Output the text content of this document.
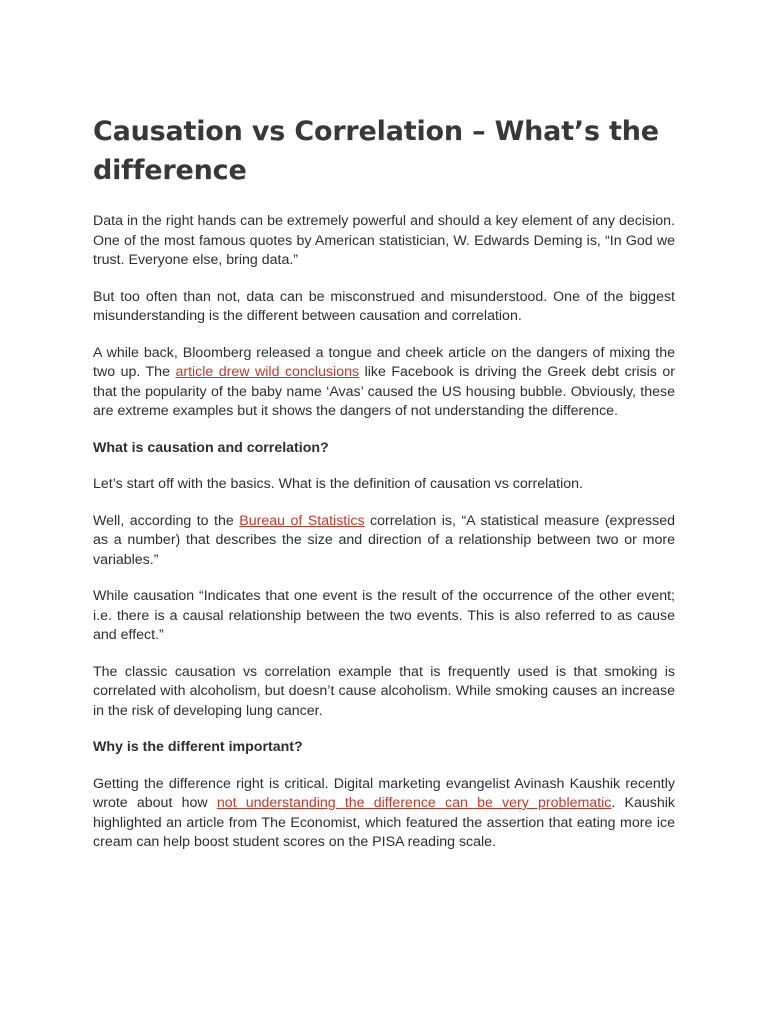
Causation vs Correlation – What’s the difference

Data in the right hands can be extremely powerful and should a key element of any decision. One of the most famous quotes by American statistician, W. Edwards Deming is, “In God we trust. Everyone else, bring data.”

But too often than not, data can be misconstrued and misunderstood. One of the biggest misunderstanding is the different between causation and correlation.

A while back, Bloomberg released a tongue and cheek article on the dangers of mixing the two up. The article drew wild conclusions like Facebook is driving the Greek debt crisis or that the popularity of the baby name ‘Avas’ caused the US housing bubble. Obviously, these are extreme examples but it shows the dangers of not understanding the difference.

What is causation and correlation?

Let’s start off with the basics. What is the definition of causation vs correlation.

Well, according to the Bureau of Statistics correlation is, “A statistical measure (expressed as a number) that describes the size and direction of a relationship between two or more variables.”

While causation “Indicates that one event is the result of the occurrence of the other event; i.e. there is a causal relationship between the two events. This is also referred to as cause and effect.”

The classic causation vs correlation example that is frequently used is that smoking is correlated with alcoholism, but doesn’t cause alcoholism. While smoking causes an increase in the risk of developing lung cancer.

Why is the different important?

Getting the difference right is critical. Digital marketing evangelist Avinash Kaushik recently wrote about how not understanding the difference can be very problematic. Kaushik highlighted an article from The Economist, which featured the assertion that eating more ice cream can help boost student scores on the PISA reading scale.
